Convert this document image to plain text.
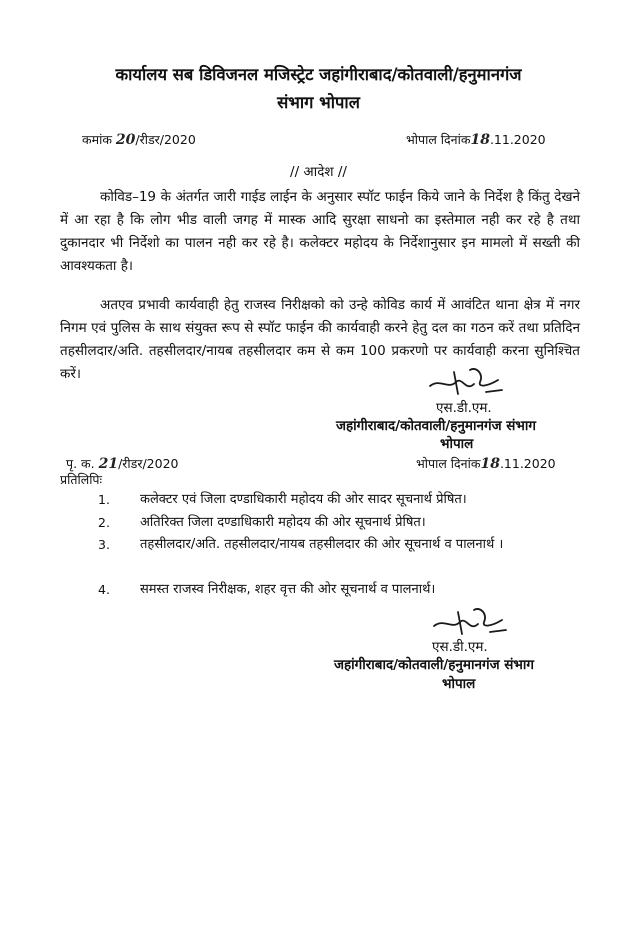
कार्यालय सब डिविजनल मजिस्ट्रेट जहांगीराबाद/कोतवाली/हनुमानगंज
संभाग भोपाल
कमांक 20/रीडर/2020	भोपाल दिनांक18.11.2020
// आदेश //
कोविड–19 के अंतर्गत जारी गाईड लाईन के अनुसार स्पॉट फाईन किये जाने के निर्देश है किंतु देखने में आ रहा है कि लोग भीड वाली जगह में मास्क आदि सुरक्षा साधनो का इस्तेमाल नही कर रहे है तथा दुकानदार भी निर्देशो का पालन नही कर रहे है। कलेक्टर महोदय के निर्देशानुसार इन मामलो में सख्ती की आवश्यकता है।
अतएव प्रभावी कार्यवाही हेतु राजस्व निरीक्षको को उन्हे कोविड कार्य में आवंटित थाना क्षेत्र में नगर निगम एवं पुलिस के साथ संयुक्त रूप से स्पॉट फाईन की कार्यवाही करने हेतु दल का गठन करें तथा प्रतिदिन तहसीलदार/अति. तहसीलदार/नायब तहसीलदार कम से कम 100 प्रकरणो पर कार्यवाही करना सुनिश्चित करें।
एस.डी.एम.
जहांगीराबाद/कोतवाली/हनुमानगंज संभाग
भोपाल
पृ. क. 21/रीडर/2020	भोपाल दिनांक18.11.2020
प्रतिलिपिः
1. कलेक्टर एवं जिला दण्डाधिकारी महोदय की ओर सादर सूचनार्थ प्रेषित।
2. अतिरिक्त जिला दण्डाधिकारी महोदय की ओर सूचनार्थ प्रेषित।
3. तहसीलदार/अति. तहसीलदार/नायब तहसीलदार की ओर सूचनार्थ व पालनार्थ ।
4. समस्त राजस्व निरीक्षक, शहर वृत्त की ओर सूचनार्थ व पालनार्थ।
एस.डी.एम.
जहांगीराबाद/कोतवाली/हनुमानगंज संभाग
भोपाल
